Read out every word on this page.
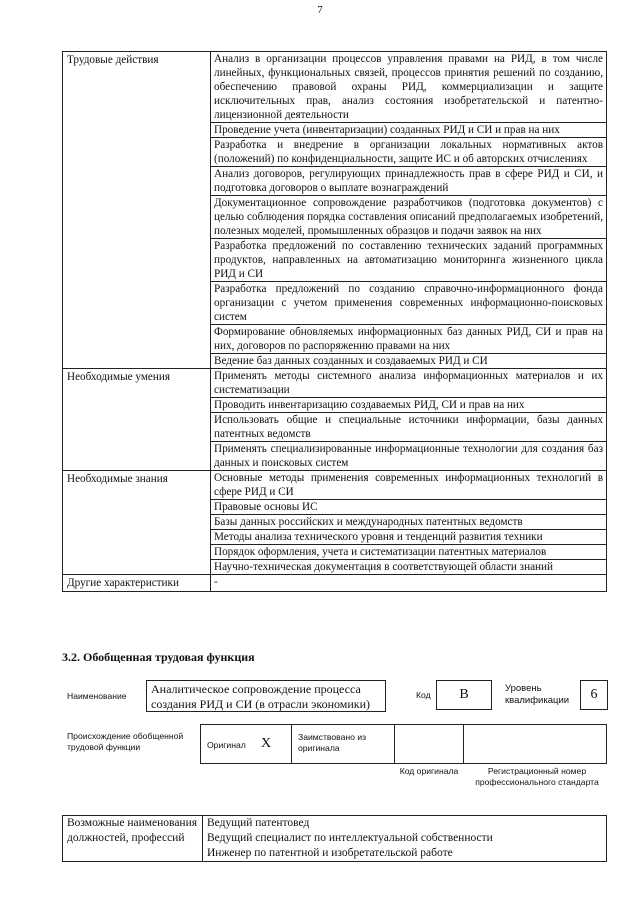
7
Трудовые действия	Анализ в организации процессов управления правами на РИД, в том числе линейных, функциональных связей, процессов принятия решений по созданию, обеспечению правовой охраны РИД, коммерциализации и защите исключительных прав, анализ состояния изобретательской и патентно-лицензионной деятельности
	Проведение учета (инвентаризации) созданных РИД и СИ и прав на них
	Разработка и внедрение в организации локальных нормативных актов (положений) по конфиденциальности, защите ИС и об авторских отчислениях
	Анализ договоров, регулирующих принадлежность прав в сфере РИД и СИ, и подготовка договоров о выплате вознаграждений
	Документационное сопровождение разработчиков (подготовка документов) с целью соблюдения порядка составления описаний предполагаемых изобретений, полезных моделей, промышленных образцов и подачи заявок на них
	Разработка предложений по составлению технических заданий программных продуктов, направленных на автоматизацию мониторинга жизненного цикла РИД и СИ
	Разработка предложений по созданию справочно-информационного фонда организации с учетом применения современных информационно-поисковых систем
	Формирование обновляемых информационных баз данных РИД, СИ и прав на них, договоров по распоряжению правами на них
	Ведение баз данных созданных и создаваемых РИД и СИ
Необходимые умения	Применять методы системного анализа информационных материалов и их систематизации
	Проводить инвентаризацию создаваемых РИД, СИ и прав на них
	Использовать общие и специальные источники информации, базы данных патентных ведомств
	Применять специализированные информационные технологии для создания баз данных и поисковых систем
Необходимые знания	Основные методы применения современных информационных технологий в сфере РИД и СИ
	Правовые основы ИС
	Базы данных российских и международных патентных ведомств
	Методы анализа технического уровня и тенденций развития техники
	Порядок оформления, учета и систематизации патентных материалов
	Научно-техническая документация в соответствующей области знаний
Другие характеристики	-
3.2. Обобщенная трудовая функция
Наименование	Аналитическое сопровождение процесса создания РИД и СИ (в отрасли экономики)
Код	B	Уровень квалификации	6
Происхождение обобщенной трудовой функции	Оригинал X	Заимствовано из оригинала
Код оригинала	Регистрационный номер профессионального стандарта
Возможные наименования должностей, профессий	
Ведущий патентовед
Ведущий специалист по интеллектуальной собственности
Инженер по патентной и изобретательской работе
